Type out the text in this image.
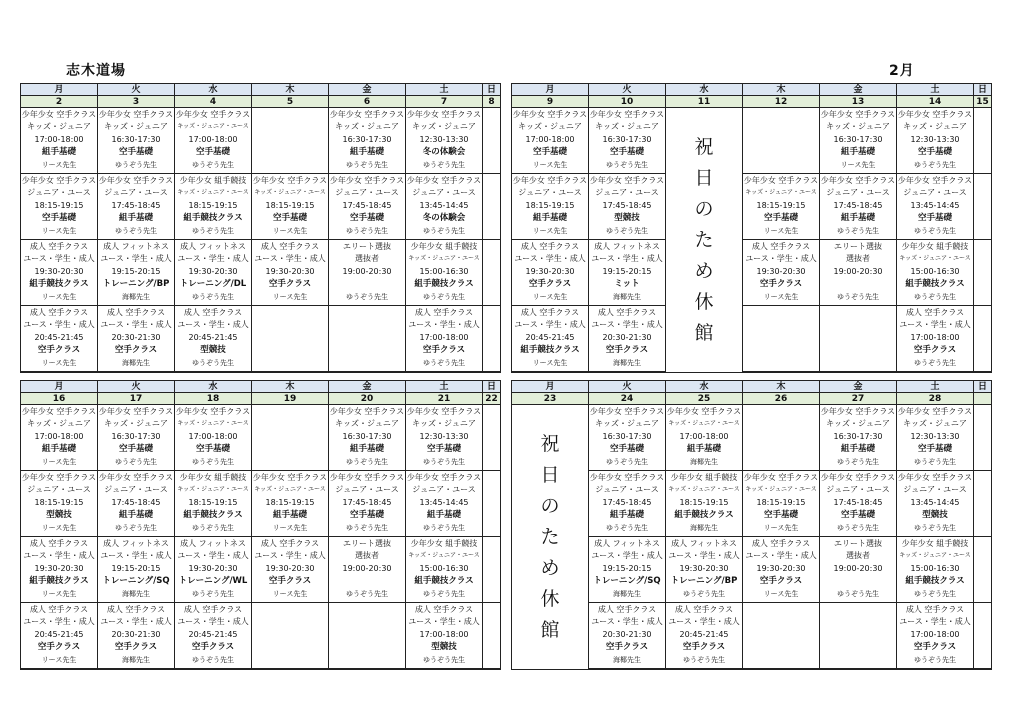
志木道場	2月
月
2
火
3
水
4
木
5
金
6
土
7
日
8
少年少女 空手クラス
キッズ・ジュニア
17:00-18:00
組手基礎
リース先生
少年少女 空手クラス
キッズ・ジュニア
16:30-17:30
空手基礎
ゆうぞう先生
少年少女 空手クラス
キッズ・ジュニア・ユース
17:00-18:00
空手基礎
ゆうぞう先生
少年少女 空手クラス
キッズ・ジュニア
16:30-17:30
組手基礎
ゆうぞう先生
少年少女 空手クラス
キッズ・ジュニア
12:30-13:30
冬の体験会
ゆうぞう先生
少年少女 空手クラス
ジュニア・ユース
18:15-19:15
空手基礎
リース先生
少年少女 空手クラス
ジュニア・ユース
17:45-18:45
組手基礎
ゆうぞう先生
少年少女 組手競技
キッズ・ジュニア・ユース
18:15-19:15
組手競技クラス
ゆうぞう先生
少年少女 空手クラス
キッズ・ジュニア・ユース
18:15-19:15
空手基礎
リース先生
少年少女 空手クラス
ジュニア・ユース
17:45-18:45
空手基礎
ゆうぞう先生
少年少女 空手クラス
ジュニア・ユース
13:45-14:45
冬の体験会
ゆうぞう先生
成人 空手クラス
ユース・学生・成人
19:30-20:30
組手競技クラス
リース先生
成人 フィットネス
ユース・学生・成人
19:15-20:15
トレーニング/BP
海椰先生
成人 フィットネス
ユース・学生・成人
19:30-20:30
トレーニング/DL
ゆうぞう先生
成人 空手クラス
ユース・学生・成人
19:30-20:30
空手クラス
リース先生
エリート選抜
選抜者
19:00-20:30

ゆうぞう先生
少年少女 組手競技
キッズ・ジュニア・ユース
15:00-16:30
組手競技クラス
ゆうぞう先生
成人 空手クラス
ユース・学生・成人
20:45-21:45
空手クラス
リース先生
成人 空手クラス
ユース・学生・成人
20:30-21:30
空手クラス
海椰先生
成人 空手クラス
ユース・学生・成人
20:45-21:45
型競技
ゆうぞう先生
成人 空手クラス
ユース・学生・成人
17:00-18:00
空手クラス
ゆうぞう先生
月
9
火
10
水
11
木
12
金
13
土
14
日
15
少年少女 空手クラス
キッズ・ジュニア
17:00-18:00
空手基礎
リース先生
少年少女 空手クラス
キッズ・ジュニア
16:30-17:30
空手基礎
ゆうぞう先生
少年少女 空手クラス
キッズ・ジュニア
16:30-17:30
組手基礎
リース先生
少年少女 空手クラス
キッズ・ジュニア
12:30-13:30
空手基礎
ゆうぞう先生
少年少女 空手クラス
ジュニア・ユース
18:15-19:15
組手基礎
リース先生
少年少女 空手クラス
ジュニア・ユース
17:45-18:45
型競技
ゆうぞう先生
少年少女 空手クラス
キッズ・ジュニア・ユース
18:15-19:15
空手基礎
リース先生
少年少女 空手クラス
ジュニア・ユース
17:45-18:45
組手基礎
ゆうぞう先生
少年少女 空手クラス
ジュニア・ユース
13:45-14:45
空手基礎
ゆうぞう先生
成人 空手クラス
ユース・学生・成人
19:30-20:30
空手クラス
リース先生
成人 フィットネス
ユース・学生・成人
19:15-20:15
ミット
海椰先生
成人 空手クラス
ユース・学生・成人
19:30-20:30
空手クラス
リース先生
エリート選抜
選抜者
19:00-20:30

ゆうぞう先生
少年少女 組手競技
キッズ・ジュニア・ユース
15:00-16:30
組手競技クラス
ゆうぞう先生
成人 空手クラス
ユース・学生・成人
20:45-21:45
組手競技クラス
リース先生
成人 空手クラス
ユース・学生・成人
20:30-21:30
空手クラス
海椰先生
成人 空手クラス
ユース・学生・成人
17:00-18:00
空手クラス
ゆうぞう先生
祝
日
の
た
め
休
館
月
16
火
17
水
18
木
19
金
20
土
21
日
22
少年少女 空手クラス
キッズ・ジュニア
17:00-18:00
組手基礎
リース先生
少年少女 空手クラス
キッズ・ジュニア
16:30-17:30
空手基礎
ゆうぞう先生
少年少女 空手クラス
キッズ・ジュニア・ユース
17:00-18:00
空手基礎
ゆうぞう先生
少年少女 空手クラス
キッズ・ジュニア
16:30-17:30
組手基礎
ゆうぞう先生
少年少女 空手クラス
キッズ・ジュニア
12:30-13:30
空手基礎
ゆうぞう先生
少年少女 空手クラス
ジュニア・ユース
18:15-19:15
型競技
リース先生
少年少女 空手クラス
ジュニア・ユース
17:45-18:45
組手基礎
ゆうぞう先生
少年少女 組手競技
キッズ・ジュニア・ユース
18:15-19:15
組手競技クラス
ゆうぞう先生
少年少女 空手クラス
キッズ・ジュニア・ユース
18:15-19:15
組手基礎
リース先生
少年少女 空手クラス
ジュニア・ユース
17:45-18:45
空手基礎
ゆうぞう先生
少年少女 空手クラス
ジュニア・ユース
13:45-14:45
組手基礎
ゆうぞう先生
成人 空手クラス
ユース・学生・成人
19:30-20:30
組手競技クラス
リース先生
成人 フィットネス
ユース・学生・成人
19:15-20:15
トレーニング/SQ
海椰先生
成人 フィットネス
ユース・学生・成人
19:30-20:30
トレーニング/WL
ゆうぞう先生
成人 空手クラス
ユース・学生・成人
19:30-20:30
空手クラス
リース先生
エリート選抜
選抜者
19:00-20:30

ゆうぞう先生
少年少女 組手競技
キッズ・ジュニア・ユース
15:00-16:30
組手競技クラス
ゆうぞう先生
成人 空手クラス
ユース・学生・成人
20:45-21:45
空手クラス
リース先生
成人 空手クラス
ユース・学生・成人
20:30-21:30
空手クラス
海椰先生
成人 空手クラス
ユース・学生・成人
20:45-21:45
空手クラス
ゆうぞう先生
成人 空手クラス
ユース・学生・成人
17:00-18:00
型競技
ゆうぞう先生
月
23
火
24
水
25
木
26
金
27
土
28
日
少年少女 空手クラス
キッズ・ジュニア
16:30-17:30
空手基礎
ゆうぞう先生
少年少女 空手クラス
キッズ・ジュニア・ユース
17:00-18:00
組手基礎
海椰先生
少年少女 空手クラス
キッズ・ジュニア
16:30-17:30
組手基礎
ゆうぞう先生
少年少女 空手クラス
キッズ・ジュニア
12:30-13:30
空手基礎
ゆうぞう先生
少年少女 空手クラス
ジュニア・ユース
17:45-18:45
組手基礎
ゆうぞう先生
少年少女 組手競技
キッズ・ジュニア・ユース
18:15-19:15
組手競技クラス
海椰先生
少年少女 空手クラス
キッズ・ジュニア・ユース
18:15-19:15
空手基礎
リース先生
少年少女 空手クラス
ジュニア・ユース
17:45-18:45
空手基礎
ゆうぞう先生
少年少女 空手クラス
ジュニア・ユース
13:45-14:45
型競技
ゆうぞう先生
成人 フィットネス
ユース・学生・成人
19:15-20:15
トレーニング/SQ
海椰先生
成人 フィットネス
ユース・学生・成人
19:30-20:30
トレーニング/BP
ゆうぞう先生
成人 空手クラス
ユース・学生・成人
19:30-20:30
空手クラス
リース先生
エリート選抜
選抜者
19:00-20:30

ゆうぞう先生
少年少女 組手競技
キッズ・ジュニア・ユース
15:00-16:30
組手競技クラス
ゆうぞう先生
成人 空手クラス
ユース・学生・成人
20:30-21:30
空手クラス
海椰先生
成人 空手クラス
ユース・学生・成人
20:45-21:45
空手クラス
ゆうぞう先生
成人 空手クラス
ユース・学生・成人
17:00-18:00
空手クラス
ゆうぞう先生
祝
日
の
た
め
休
館
